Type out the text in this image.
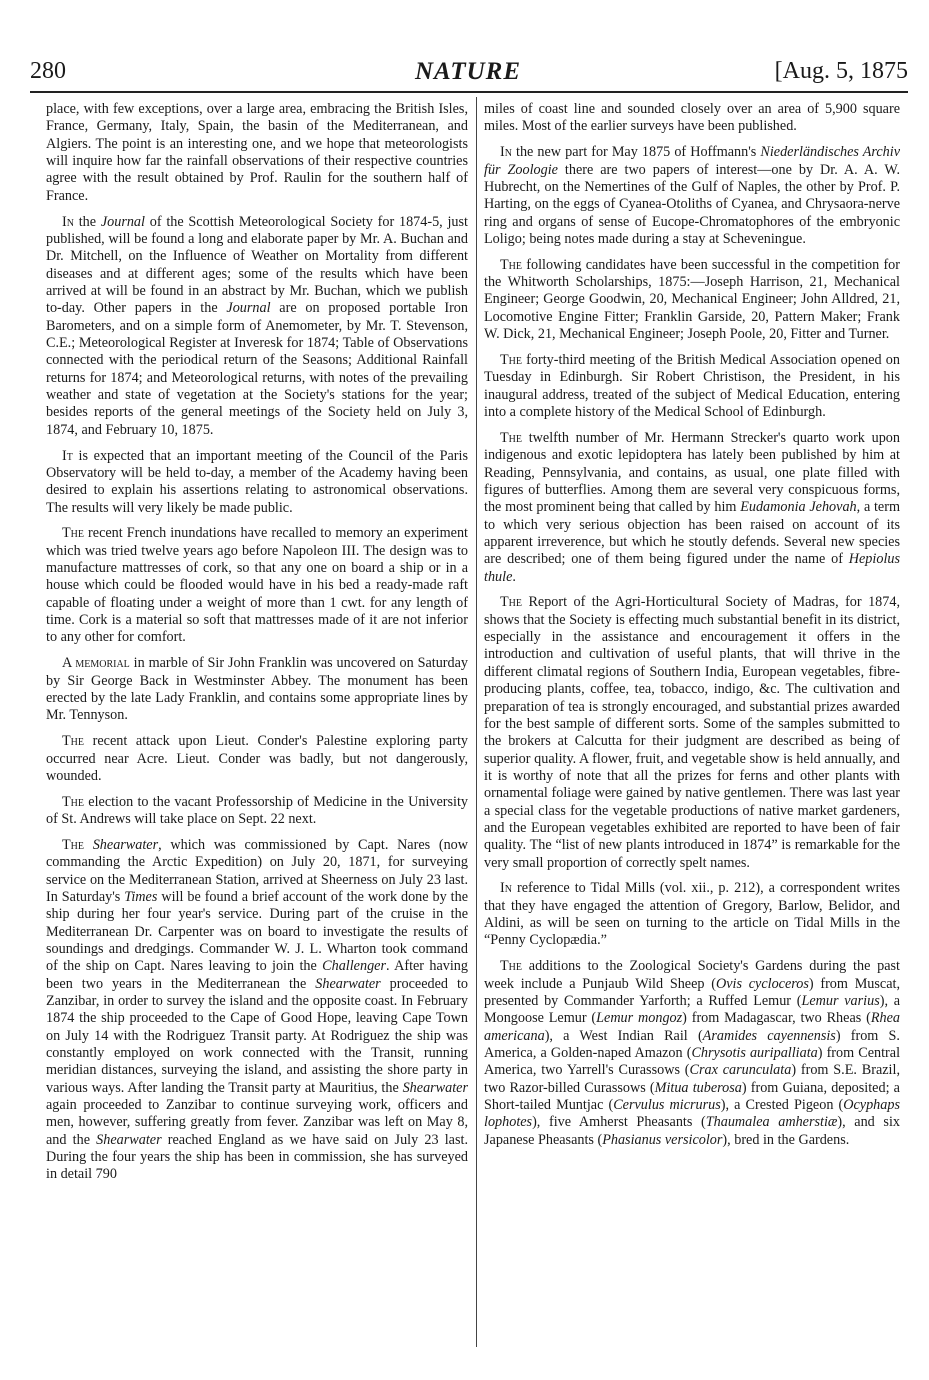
280	NATURE	[Aug. 5, 1875

place, with few exceptions, over a large area, embracing the British Isles, France, Germany, Italy, Spain, the basin of the Mediterranean, and Algiers. The point is an interesting one, and we hope that meteorologists will inquire how far the rainfall observations of their respective countries agree with the result obtained by Prof. Raulin for the southern half of France.

In the Journal of the Scottish Meteorological Society for 1874-5, just published, will be found a long and elaborate paper by Mr. A. Buchan and Dr. Mitchell, on the Influence of Weather on Mortality from different diseases and at different ages; some of the results which have been arrived at will be found in an abstract by Mr. Buchan, which we publish to-day. Other papers in the Journal are on proposed portable Iron Barometers, and on a simple form of Anemometer, by Mr. T. Stevenson, C.E.; Meteorological Register at Inveresk for 1874; Table of Observations connected with the periodical return of the Seasons; Additional Rainfall returns for 1874; and Meteorological returns, with notes of the prevailing weather and state of vegetation at the Society's stations for the year; besides reports of the general meetings of the Society held on July 3, 1874, and February 10, 1875.

It is expected that an important meeting of the Council of the Paris Observatory will be held to-day, a member of the Academy having been desired to explain his assertions relating to astronomical observations. The results will very likely be made public.

The recent French inundations have recalled to memory an experiment which was tried twelve years ago before Napoleon III. The design was to manufacture mattresses of cork, so that any one on board a ship or in a house which could be flooded would have in his bed a ready-made raft capable of floating under a weight of more than 1 cwt. for any length of time. Cork is a material so soft that mattresses made of it are not inferior to any other for comfort.

A memorial in marble of Sir John Franklin was uncovered on Saturday by Sir George Back in Westminster Abbey. The monument has been erected by the late Lady Franklin, and contains some appropriate lines by Mr. Tennyson.

The recent attack upon Lieut. Conder's Palestine exploring party occurred near Acre. Lieut. Conder was badly, but not dangerously, wounded.

The election to the vacant Professorship of Medicine in the University of St. Andrews will take place on Sept. 22 next.

The Shearwater, which was commissioned by Capt. Nares (now commanding the Arctic Expedition) on July 20, 1871, for surveying service on the Mediterranean Station, arrived at Sheerness on July 23 last. In Saturday's Times will be found a brief account of the work done by the ship during her four year's service. During part of the cruise in the Mediterranean Dr. Carpenter was on board to investigate the results of soundings and dredgings. Commander W. J. L. Wharton took command of the ship on Capt. Nares leaving to join the Challenger. After having been two years in the Mediterranean the Shearwater proceeded to Zanzibar, in order to survey the island and the opposite coast. In February 1874 the ship proceeded to the Cape of Good Hope, leaving Cape Town on July 14 with the Rodriguez Transit party. At Rodriguez the ship was constantly employed on work connected with the Transit, running meridian distances, surveying the island, and assisting the shore party in various ways. After landing the Transit party at Mauritius, the Shearwater again proceeded to Zanzibar to continue surveying work, officers and men, however, suffering greatly from fever. Zanzibar was left on May 8, and the Shearwater reached England as we have said on July 23 last. During the four years the ship has been in commission, she has surveyed in detail 790

miles of coast line and sounded closely over an area of 5,900 square miles. Most of the earlier surveys have been published.

In the new part for May 1875 of Hoffmann's Niederländisches Archiv für Zoologie there are two papers of interest—one by Dr. A. A. W. Hubrecht, on the Nemertines of the Gulf of Naples, the other by Prof. P. Harting, on the eggs of Cyanea-Otoliths of Cyanea, and Chrysaora-nerve ring and organs of sense of Eucope-Chromatophores of the embryonic Loligo; being notes made during a stay at Scheveningue.

The following candidates have been successful in the competition for the Whitworth Scholarships, 1875:—Joseph Harrison, 21, Mechanical Engineer; George Goodwin, 20, Mechanical Engineer; John Alldred, 21, Locomotive Engine Fitter; Franklin Garside, 20, Pattern Maker; Frank W. Dick, 21, Mechanical Engineer; Joseph Poole, 20, Fitter and Turner.

The forty-third meeting of the British Medical Association opened on Tuesday in Edinburgh. Sir Robert Christison, the President, in his inaugural address, treated of the subject of Medical Education, entering into a complete history of the Medical School of Edinburgh.

The twelfth number of Mr. Hermann Strecker's quarto work upon indigenous and exotic lepidoptera has lately been published by him at Reading, Pennsylvania, and contains, as usual, one plate filled with figures of butterflies. Among them are several very conspicuous forms, the most prominent being that called by him Eudamonia Jehovah, a term to which very serious objection has been raised on account of its apparent irreverence, but which he stoutly defends. Several new species are described; one of them being figured under the name of Hepiolus thule.

The Report of the Agri-Horticultural Society of Madras, for 1874, shows that the Society is effecting much substantial benefit in its district, especially in the assistance and encouragement it offers in the introduction and cultivation of useful plants, that will thrive in the different climatal regions of Southern India, European vegetables, fibre-producing plants, coffee, tea, tobacco, indigo, &c. The cultivation and preparation of tea is strongly encouraged, and substantial prizes awarded for the best sample of different sorts. Some of the samples submitted to the brokers at Calcutta for their judgment are described as being of superior quality. A flower, fruit, and vegetable show is held annually, and it is worthy of note that all the prizes for ferns and other plants with ornamental foliage were gained by native gentlemen. There was last year a special class for the vegetable productions of native market gardeners, and the European vegetables exhibited are reported to have been of fair quality. The “list of new plants introduced in 1874” is remarkable for the very small proportion of correctly spelt names.

In reference to Tidal Mills (vol. xii., p. 212), a correspondent writes that they have engaged the attention of Gregory, Barlow, Belidor, and Aldini, as will be seen on turning to the article on Tidal Mills in the “Penny Cyclopædia.”

The additions to the Zoological Society's Gardens during the past week include a Punjaub Wild Sheep (Ovis cycloceros) from Muscat, presented by Commander Yarforth; a Ruffed Lemur (Lemur varius), a Mongoose Lemur (Lemur mongoz) from Madagascar, two Rheas (Rhea americana), a West Indian Rail (Aramides cayennensis) from S. America, a Golden-naped Amazon (Chrysotis auripalliata) from Central America, two Yarrell's Curassows (Crax carunculata) from S.E. Brazil, two Razor-billed Curassows (Mitua tuberosa) from Guiana, deposited; a Short-tailed Muntjac (Cervulus micrurus), a Crested Pigeon (Ocyphaps lophotes), five Amherst Pheasants (Thaumalea amherstiæ), and six Japanese Pheasants (Phasianus versicolor), bred in the Gardens.
